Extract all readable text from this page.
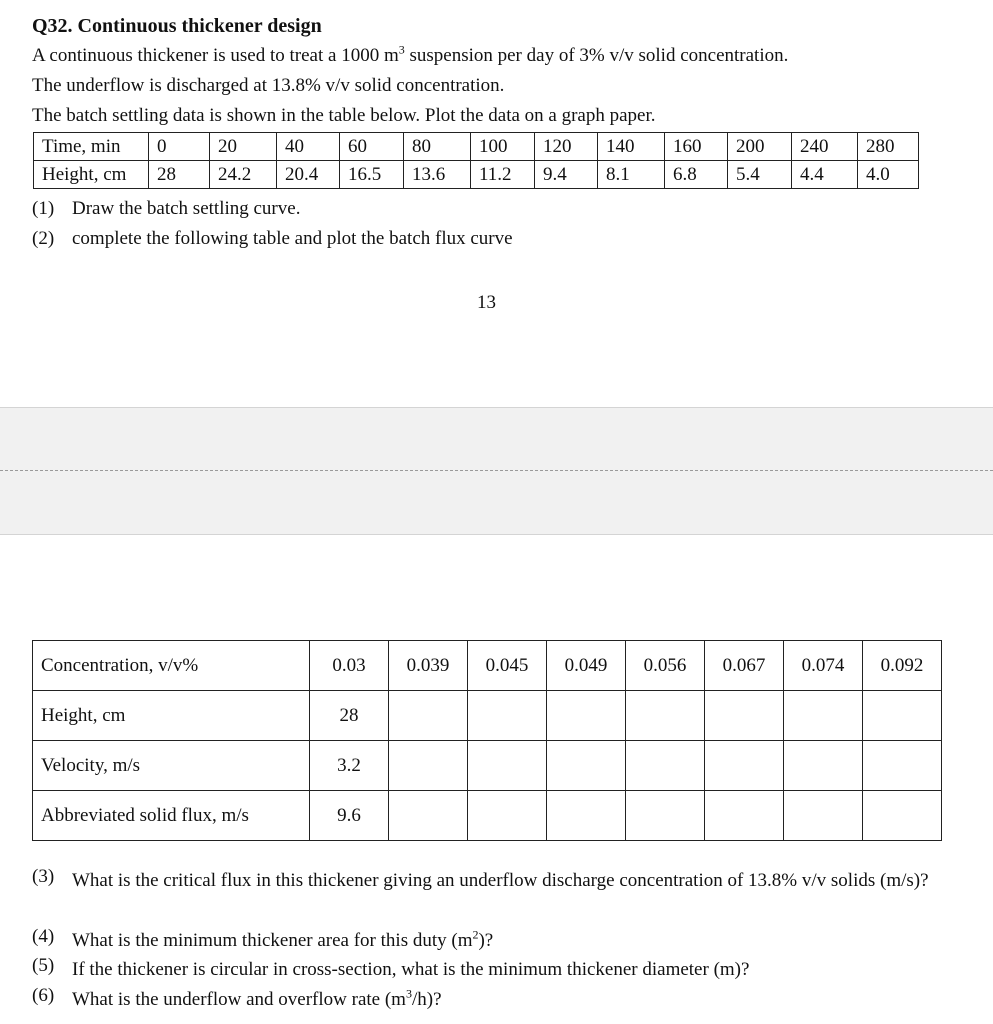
Q32. Continuous thickener design
A continuous thickener is used to treat a 1000 $m^3$ suspension per day of 3% v/v solid concentration.
The underflow is discharged at 13.8% v/v solid concentration.
The batch settling data is shown in the table below. Plot the data on a graph paper.
Time, min	0	20	40	60	80	100	120	140	160	200	240	280
Height, cm	28	24.2	20.4	16.5	13.6	11.2	9.4	8.1	6.8	5.4	4.4	4.0
(1) Draw the batch settling curve.
(2) complete the following table and plot the batch flux curve
13
Concentration, v/v%	0.03	0.039	0.045	0.049	0.056	0.067	0.074	0.092
Height, cm	28							
Velocity, m/s	3.2							
Abbreviated solid flux, m/s	9.6							
(3) What is the critical flux in this thickener giving an underflow discharge concentration of 13.8% v/v solids (m/s)?
(4) What is the minimum thickener area for this duty $(m^2)$?
(5) If the thickener is circular in cross-section, what is the minimum thickener diameter (m)?
(6) What is the underflow and overflow rate $(m^3/h)$?
